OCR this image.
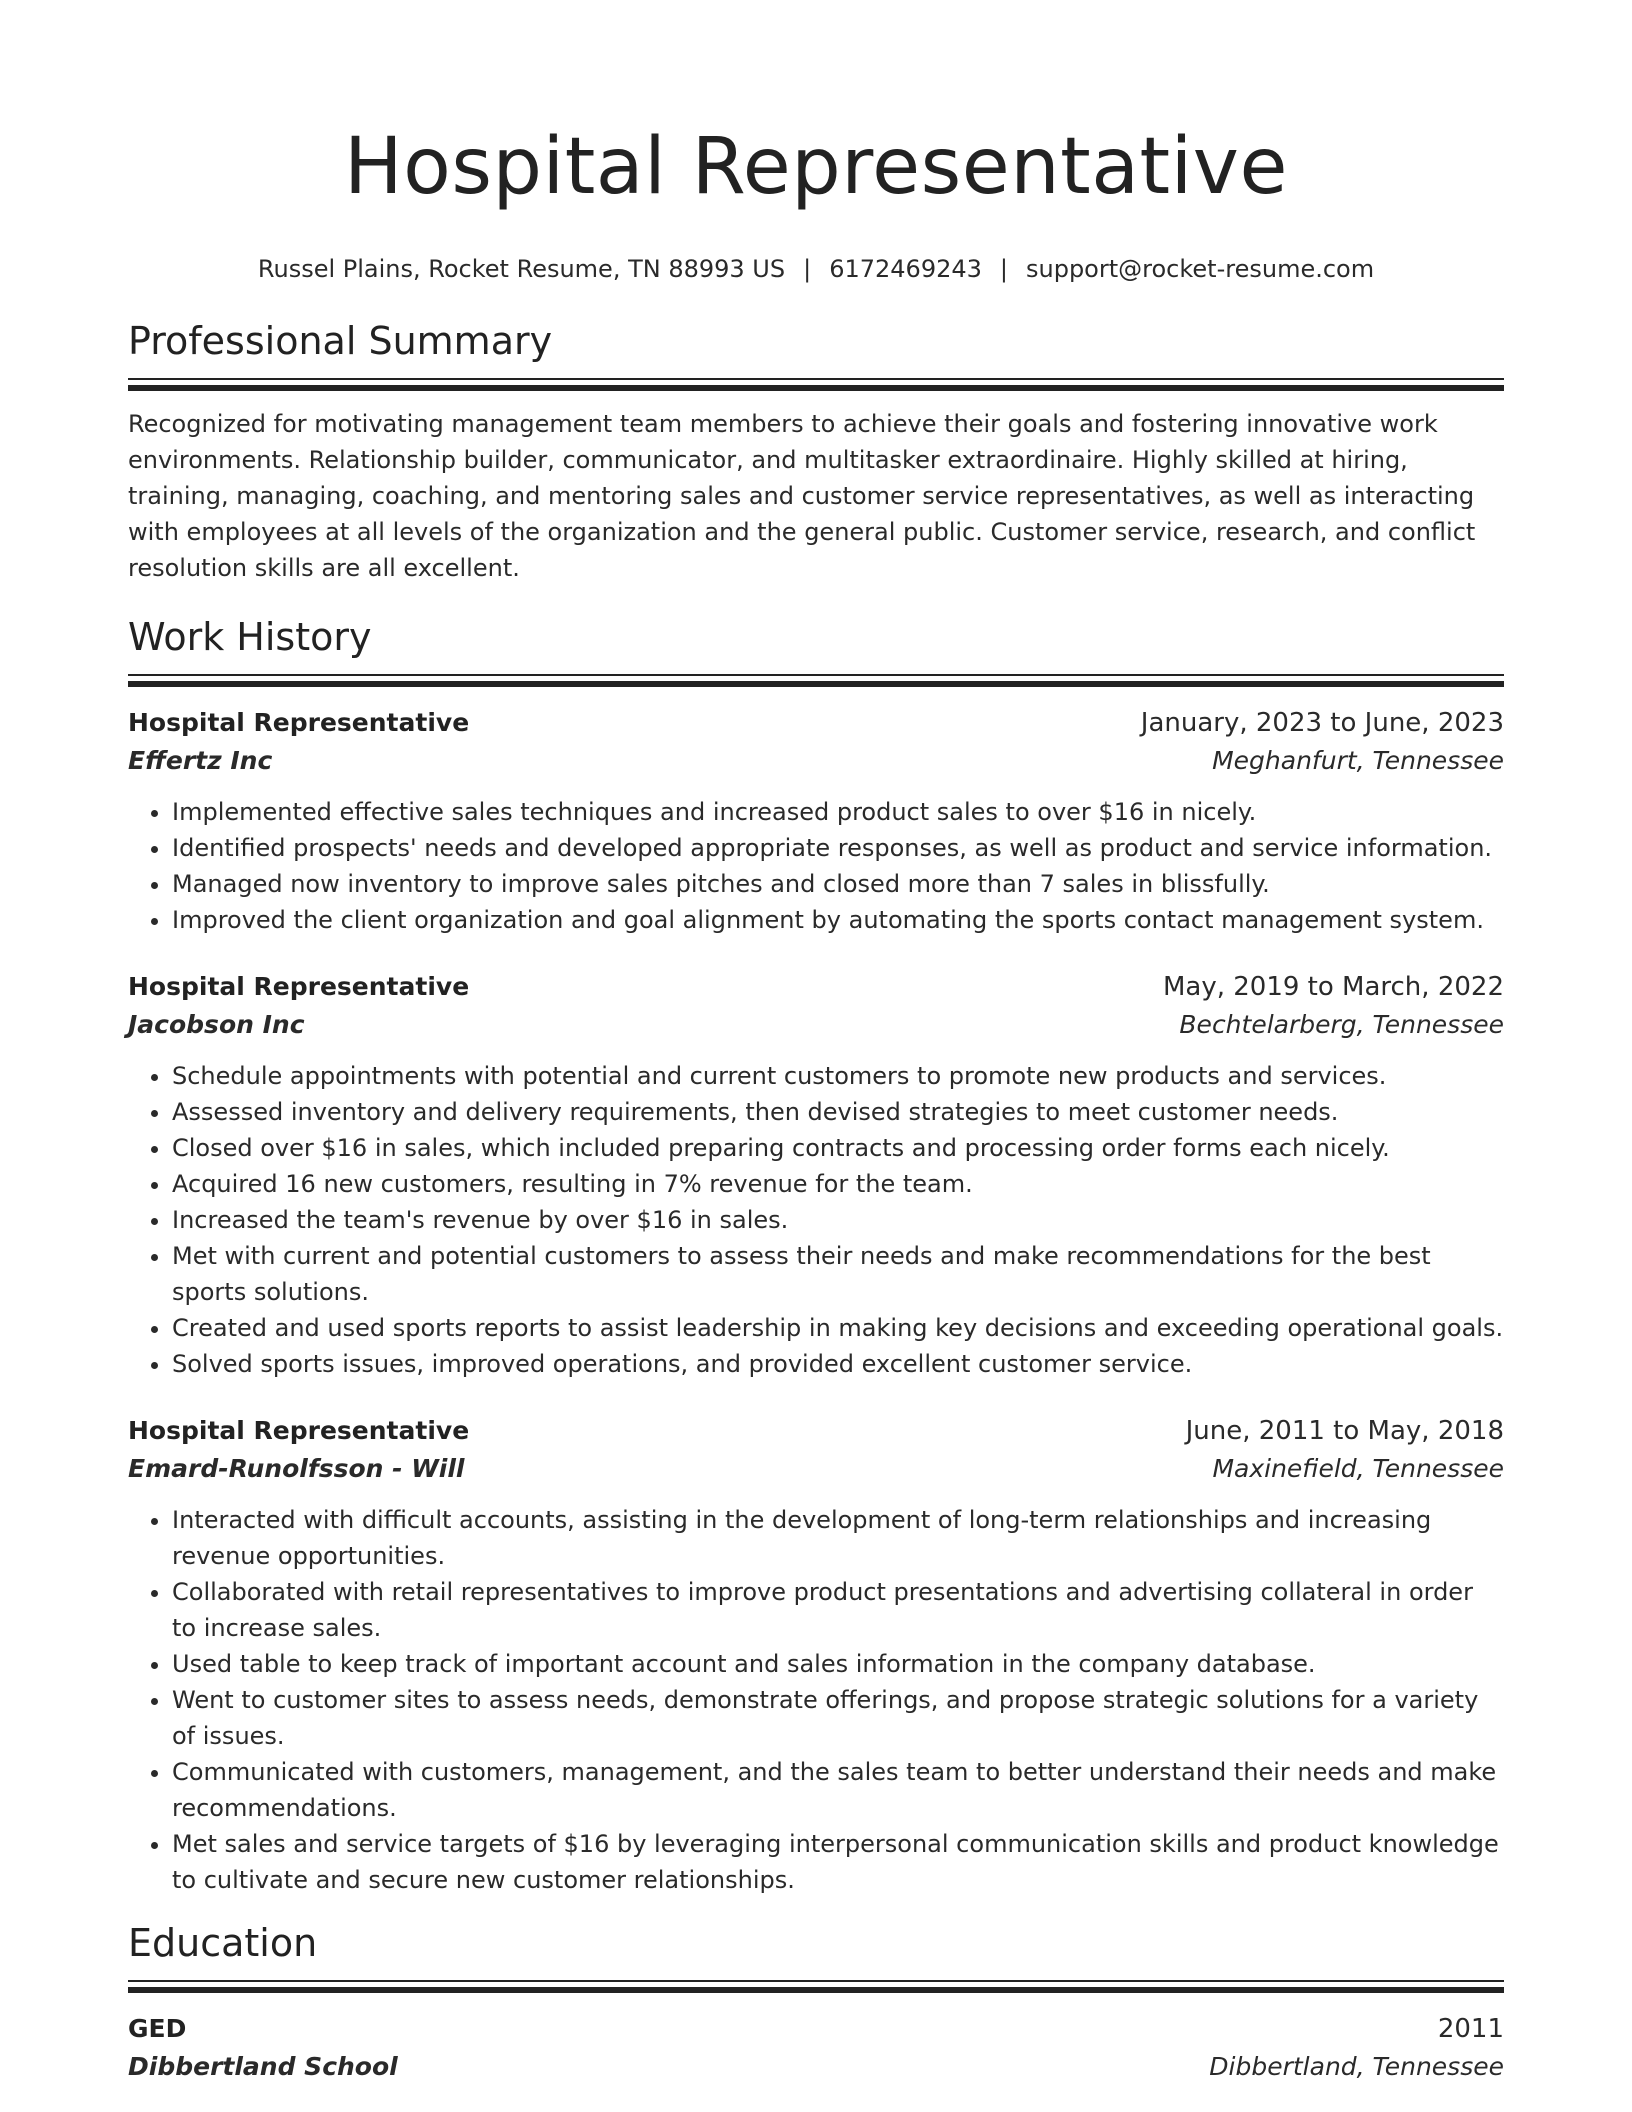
Hospital Representative
Russel Plains, Rocket Resume, TN 88993 US | 6172469243 | support@rocket-resume.com
Professional Summary

Recognized for motivating management team members to achieve their goals and fostering innovative work environments. Relationship builder, communicator, and multitasker extraordinaire. Highly skilled at hiring, training, managing, coaching, and mentoring sales and customer service representatives, as well as interacting with employees at all levels of the organization and the general public. Customer service, research, and conflict resolution skills are all excellent.

Work History
Hospital Representative	January, 2023 to June, 2023
Effertz Inc	Meghanfurt, Tennessee
• Implemented effective sales techniques and increased product sales to over $16 in nicely.
• Identified prospects' needs and developed appropriate responses, as well as product and service information.
• Managed now inventory to improve sales pitches and closed more than 7 sales in blissfully.
• Improved the client organization and goal alignment by automating the sports contact management system.
Hospital Representative	May, 2019 to March, 2022
Jacobson Inc	Bechtelarberg, Tennessee
• Schedule appointments with potential and current customers to promote new products and services.
• Assessed inventory and delivery requirements, then devised strategies to meet customer needs.
• Closed over $16 in sales, which included preparing contracts and processing order forms each nicely.
• Acquired 16 new customers, resulting in 7% revenue for the team.
• Increased the team's revenue by over $16 in sales.
• Met with current and potential customers to assess their needs and make recommendations for the best sports solutions.
• Created and used sports reports to assist leadership in making key decisions and exceeding operational goals.
• Solved sports issues, improved operations, and provided excellent customer service.
Hospital Representative	June, 2011 to May, 2018
Emard-Runolfsson - Will	Maxinefield, Tennessee
• Interacted with difficult accounts, assisting in the development of long-term relationships and increasing revenue opportunities.
• Collaborated with retail representatives to improve product presentations and advertising collateral in order to increase sales.
• Used table to keep track of important account and sales information in the company database.
• Went to customer sites to assess needs, demonstrate offerings, and propose strategic solutions for a variety of issues.
• Communicated with customers, management, and the sales team to better understand their needs and make recommendations.
• Met sales and service targets of $16 by leveraging interpersonal communication skills and product knowledge to cultivate and secure new customer relationships.
Education
GED	2011
Dibbertland School	Dibbertland, Tennessee
